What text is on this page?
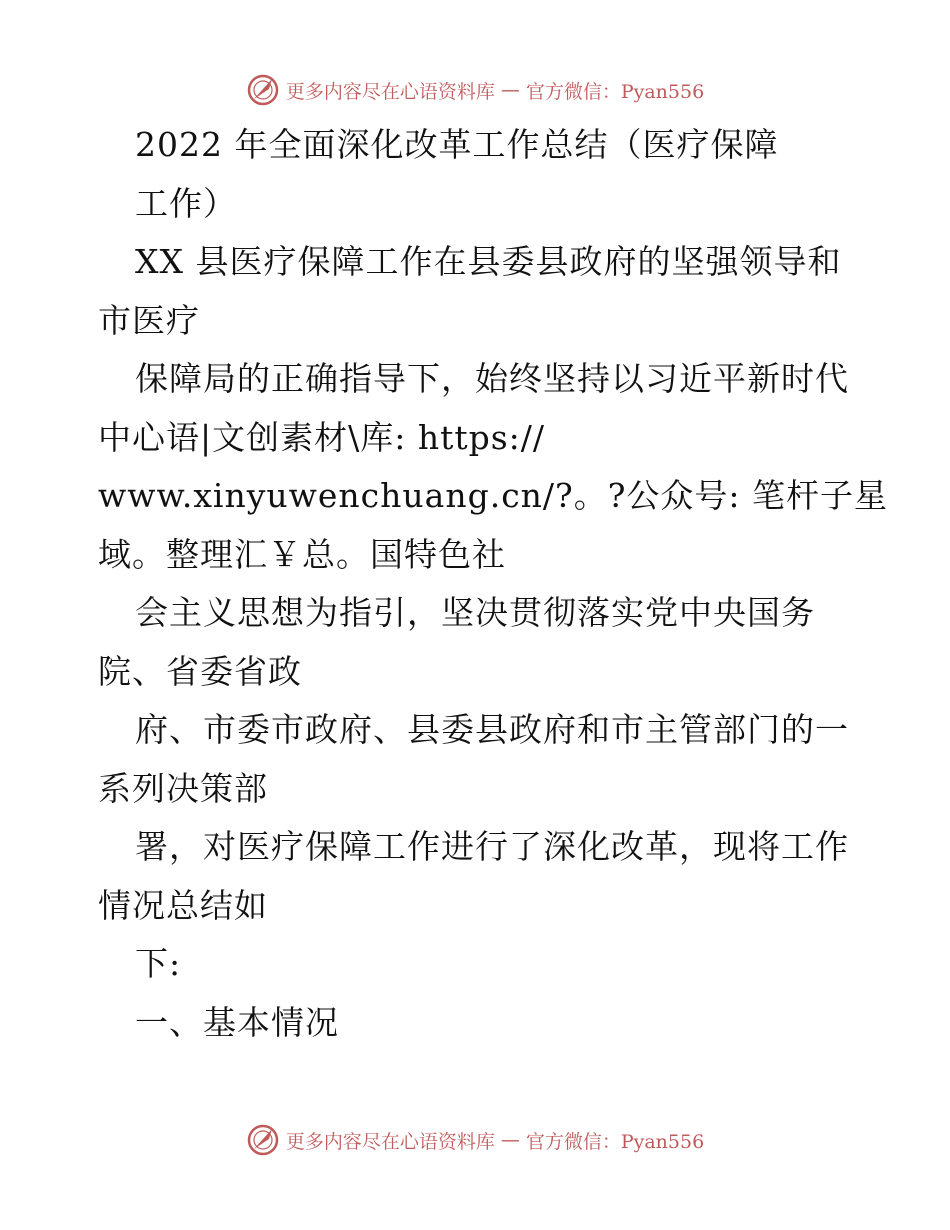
更多内容尽在心语资料库 — 官方微信：Pyan556
2022 年全面深化改革工作总结（医疗保障
工作）
XX 县医疗保障工作在县委县政府的坚强领导和
市医疗
保障局的正确指导下，始终坚持以习近平新时代
中心语|文创素材\库: https://
www.xinyuwenchuang.cn/?。?公众号: 笔杆子星
域。整理汇￥总。国特色社
会主义思想为指引，坚决贯彻落实党中央国务
院、省委省政
府、市委市政府、县委县政府和市主管部门的一
系列决策部
署，对医疗保障工作进行了深化改革，现将工作
情况总结如
下:
一、基本情况
更多内容尽在心语资料库 — 官方微信：Pyan556
